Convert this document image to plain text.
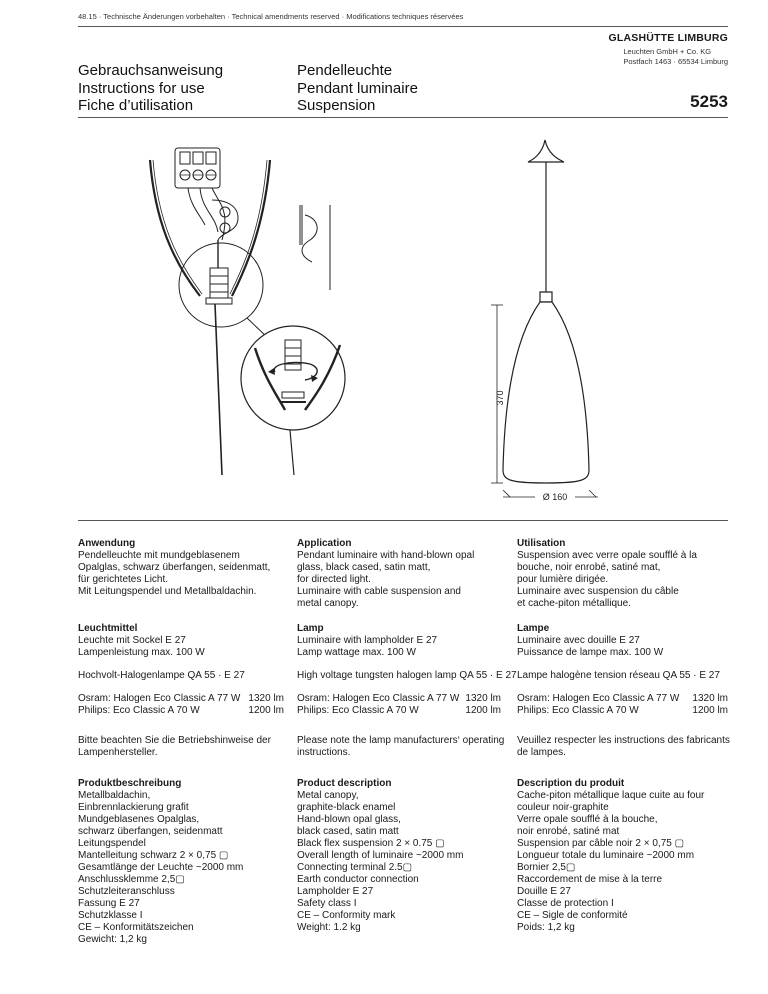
48.15 · Technische Änderungen vorbehalten · Technical amendments reserved · Modifications techniques réservées
GLASHÜTTE LIMBURG
Leuchten GmbH + Co. KG
Postfach 1463 · 65534 Limburg
Gebrauchsanweisung
Instructions for use
Fiche d’utilisation
Pendelleuchte
Pendant luminaire
Suspension	5253
370
Ø 160
Anwendung
Pendelleuchte mit mundgeblasenem
Opalglas, schwarz überfangen, seidenmatt,
für gerichtetes Licht.
Mit Leitungspendel und Metallbaldachin.
Leuchtmittel
Leuchte mit Sockel E 27
Lampenleistung max. 100 W
Hochvolt-Halogenlampe QA 55 · E 27
Osram: Halogen Eco Classic A 77 W 1320 lm
Philips: Eco Classic A 70 W	1200 lm
Bitte beachten Sie die Betriebshinweise der
Lampenhersteller.
Produktbeschreibung
Metallbaldachin,
Einbrennlackierung grafit
Mundgeblasenes Opalglas,
schwarz überfangen, seidenmatt
Leitungspendel
Mantelleitung schwarz 2 × 0,75 ▢
Gesamtlänge der Leuchte ~2000 mm
Anschlussklemme 2,5▢
Schutzleiteranschluss
Fassung E 27
Schutzklasse I
CE – Konformitätszeichen
Gewicht: 1,2 kg
Application
Pendant luminaire with hand-blown opal
glass, black cased, satin matt,
for directed light.
Luminaire with cable suspension and
metal canopy.
Lamp
Luminaire with lampholder E 27
Lamp wattage max. 100 W
High voltage tungsten halogen lamp QA 55 · E 27
Osram: Halogen Eco Classic A 77 W 1320 lm
Philips: Eco Classic A 70 W	1200 lm
Please note the lamp manufacturers‘ operating
instructions.
Product description
Metal canopy,
graphite-black enamel
Hand-blown opal glass,
black cased, satin matt
Black flex suspension 2 × 0.75 ▢
Overall length of luminaire ~2000 mm
Connecting terminal 2.5▢
Earth conductor connection
Lampholder E 27
Safety class I
CE – Conformity mark
Weight: 1.2 kg
Utilisation
Suspension avec verre opale soufflé à la
bouche, noir enrobé, satiné mat,
pour lumière dirigée.
Luminaire avec suspension du câble
et cache-piton métallique.
Lampe
Luminaire avec douille E 27
Puissance de lampe max. 100 W
Lampe halogène tension réseau QA 55 · E 27
Osram: Halogen Eco Classic A 77 W 1320 lm
Philips: Eco Classic A 70 W	1200 lm
Veuillez respecter les instructions des fabricants
de lampes.
Description du produit
Cache-piton métallique laque cuite au four
couleur noir-graphite
Verre opale soufflé à la bouche,
noir enrobé, satiné mat
Suspension par câble noir 2 × 0,75 ▢
Longueur totale du luminaire ~2000 mm
Bornier 2,5▢
Raccordement de mise à la terre
Douille E 27
Classe de protection I
CE – Sigle de conformité
Poids: 1,2 kg
